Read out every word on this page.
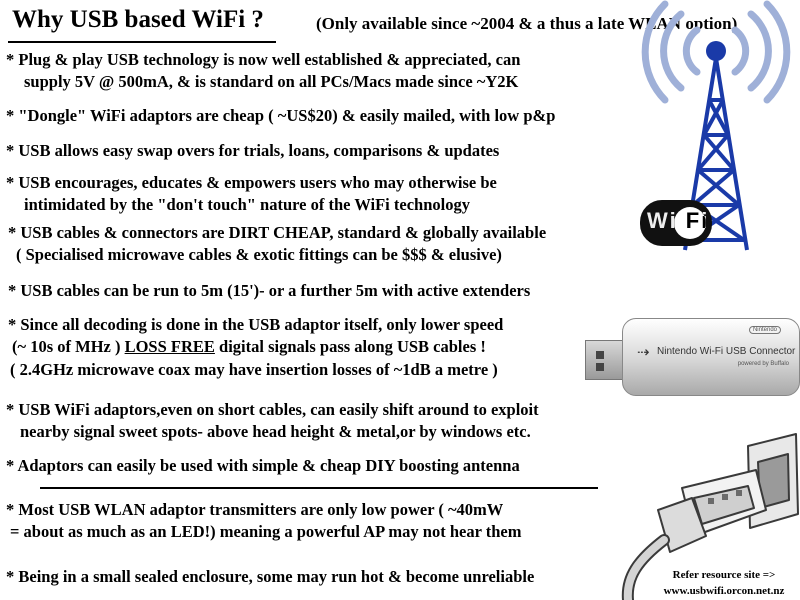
Why USB based WiFi ?	(Only available since ~2004 & a thus a late WLAN option)
* Plug & play USB technology is now well established & appreciated, can
supply 5V @ 500mA, & is standard on all PCs/Macs made since ~Y2K
* "Dongle" WiFi adaptors are cheap ( ~US$20) & easily mailed, with low p&p
* USB allows easy swap overs for trials, loans, comparisons & updates
* USB encourages, educates & empowers users who may otherwise be
intimidated by the "don't touch" nature of the WiFi technology
* USB cables & connectors are DIRT CHEAP, standard & globally available
( Specialised microwave cables & exotic fittings can be $$$ & elusive)
* USB cables can be run to 5m (15')- or a further 5m with active extenders
* Since all decoding is done in the USB adaptor itself, only lower speed
(~ 10s of MHz ) LOSS FREE digital signals pass along USB cables !
( 2.4GHz microwave coax may have insertion losses of ~1dB a metre )
* USB WiFi adaptors,even on short cables, can easily shift around to exploit
nearby signal sweet spots- above head height & metal,or by windows etc.
* Adaptors can easily be used with simple & cheap DIY boosting antenna
* Most USB WLAN adaptor transmitters are only low power ( ~40mW
= about as much as an LED!) meaning a powerful AP may not hear them
* Being in a small sealed enclosure, some may run hot & become unreliable
Wi Fi
Nintendo
⇢ Nintendo Wi-Fi USB Connector
powered by Buffalo
Refer resource site =>
www.usbwifi.orcon.net.nz
